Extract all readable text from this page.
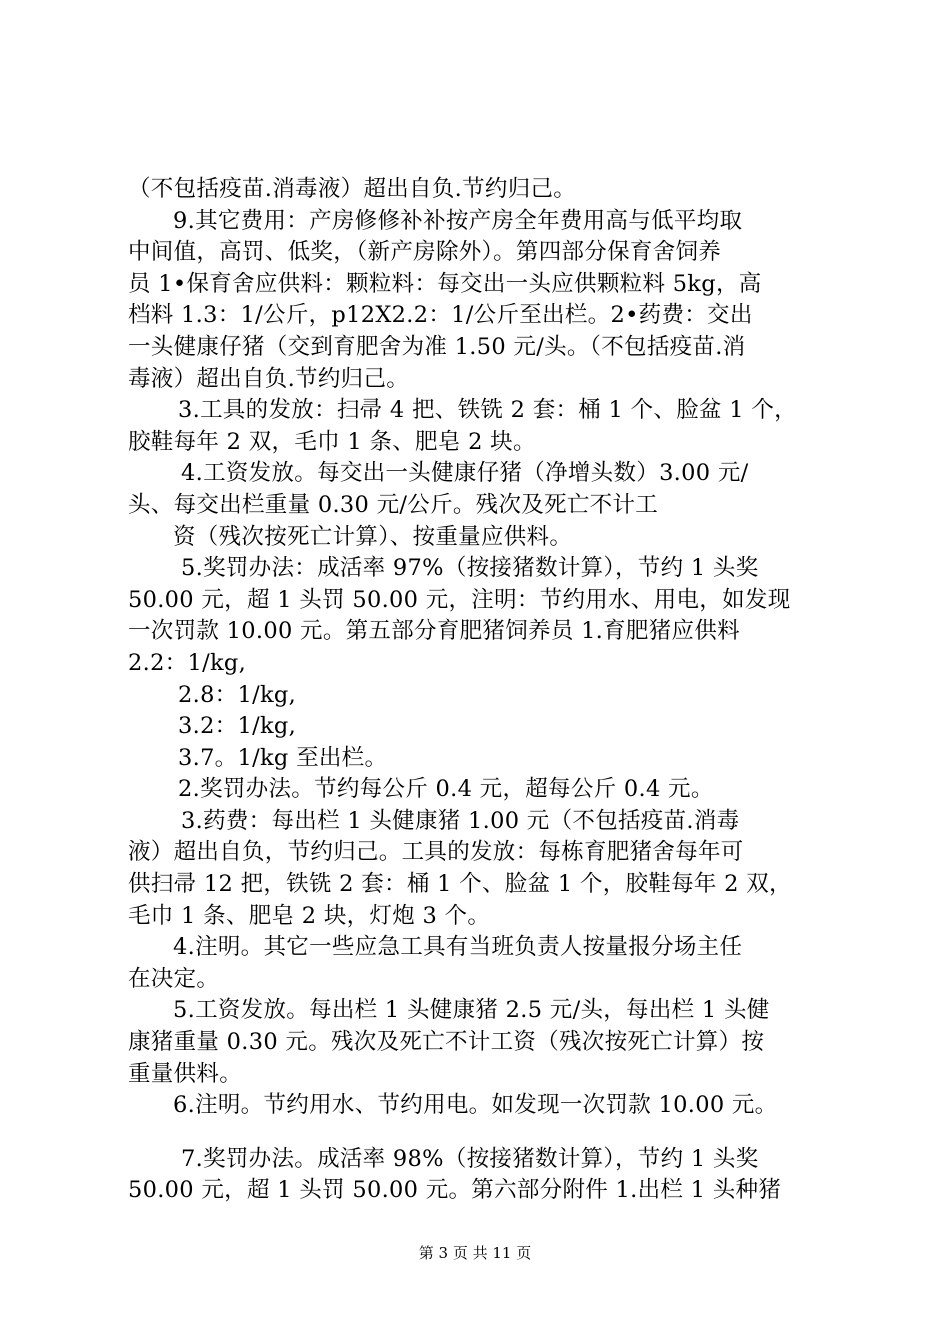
（不包括疫苗.消毒液）超出自负.节约归己。
9.其它费用：产房修修补补按产房全年费用高与低平均取
中间值，高罚、低奖，（新产房除外）。第四部分保育舍饲养
员 1•保育舍应供料：颗粒料：每交出一头应供颗粒料 5kg，高
档料 1.3：1/公斤，p12X2.2：1/公斤至出栏。2•药费：交出
一头健康仔猪（交到育肥舍为准 1.50 元/头。（不包括疫苗.消
毒液）超出自负.节约归己。
3.工具的发放：扫帚 4 把、铁铣 2 套：桶 1 个、脸盆 1 个，
胶鞋每年 2 双，毛巾 1 条、肥皂 2 块。
4.工资发放。每交出一头健康仔猪（净增头数）3.00 元/
头、每交出栏重量 0.30 元/公斤。残次及死亡不计工
资（残次按死亡计算）、按重量应供料。
5.奖罚办法：成活率 97%（按接猪数计算），节约 1 头奖
50.00 元，超 1 头罚 50.00 元，注明：节约用水、用电，如发现
一次罚款 10.00 元。第五部分育肥猪饲养员 1.育肥猪应供料
2.2：1/kg,
2.8：1/kg,
3.2：1/kg,
3.7。1/kg 至出栏。
2.奖罚办法。节约每公斤 0.4 元，超每公斤 0.4 元。
3.药费：每出栏 1 头健康猪 1.00 元（不包括疫苗.消毒
液）超出自负，节约归己。工具的发放：每栋育肥猪舍每年可
供扫帚 12 把，铁铣 2 套：桶 1 个、脸盆 1 个，胶鞋每年 2 双，
毛巾 1 条、肥皂 2 块，灯炮 3 个。
4.注明。其它一些应急工具有当班负责人按量报分场主任
在决定。
5.工资发放。每出栏 1 头健康猪 2.5 元/头，每出栏 1 头健
康猪重量 0.30 元。残次及死亡不计工资（残次按死亡计算）按
重量供料。
6.注明。节约用水、节约用电。如发现一次罚款 10.00 元。
7.奖罚办法。成活率 98%（按接猪数计算），节约 1 头奖
50.00 元，超 1 头罚 50.00 元。第六部分附件 1.出栏 1 头种猪
第 3 页 共 11 页
